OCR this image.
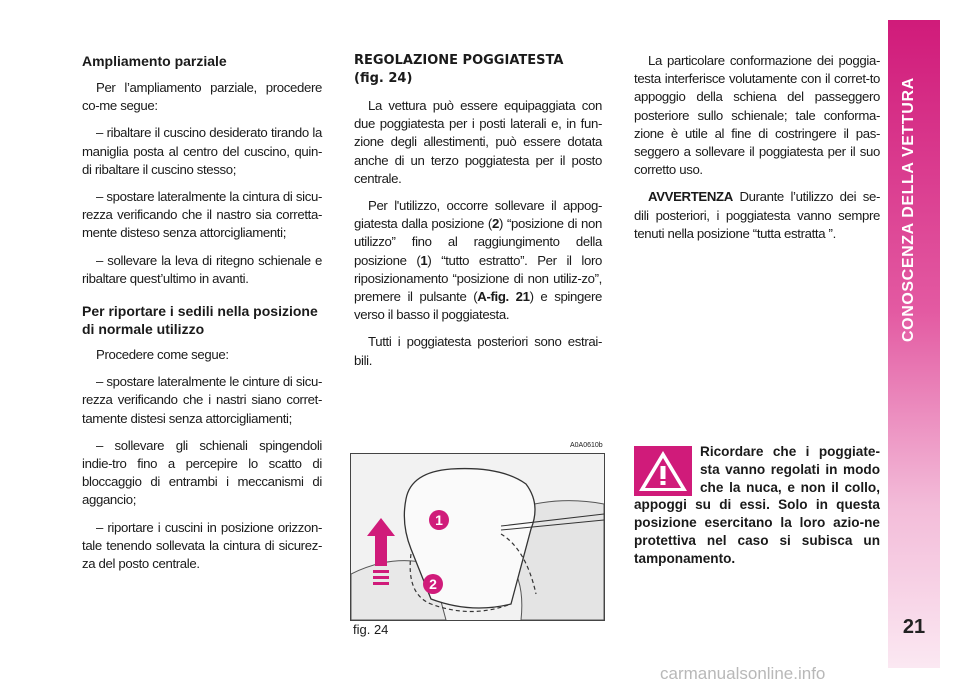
Ampliamento parziale

Per l’ampliamento parziale, procedere co-me segue:

– ribaltare il cuscino desiderato tirando la maniglia posta al centro del cuscino, quin-di ribaltare il cuscino stesso;

– spostare lateralmente la cintura di sicu-rezza verificando che il nastro sia corretta-mente disteso senza attorcigliamenti;

– sollevare la leva di ritegno schienale e ribaltare quest’ultimo in avanti.

Per riportare i sedili nella posizione di normale utilizzo

Procedere come segue:

– spostare lateralmente le cinture di sicu-rezza verificando che i nastri siano corret-tamente distesi senza attorcigliamenti;

– sollevare gli schienali spingendoli indie-tro fino a percepire lo scatto di bloccaggio di entrambi i meccanismi di aggancio;

– riportare i cuscini in posizione orizzon-tale tenendo sollevata la cintura di sicurez-za del posto centrale.

REGOLAZIONE POGGIATESTA
(fig. 24)

La vettura può essere equipaggiata con due poggiatesta per i posti laterali e, in fun-zione degli allestimenti, può essere dotata anche di un terzo poggiatesta per il posto centrale.

Per l'utilizzo, occorre sollevare il appog-giatesta dalla posizione (2) “posizione di non utilizzo” fino al raggiungimento della posizione (1) “tutto estratto”. Per il loro riposizionamento “posizione di non utiliz-zo”, premere il pulsante (A-fig. 21) e spingere verso il basso il poggiatesta.

Tutti i poggiatesta posteriori sono estrai-bili.

La particolare conformazione dei poggia-testa interferisce volutamente con il corret-to appoggio della schiena del passeggero posteriore sullo schienale; tale conforma-zione è utile al fine di costringere il pas-seggero a sollevare il poggiatesta per il suo corretto uso.

AVVERTENZA Durante l’utilizzo dei se-dili posteriori, i poggiatesta vanno sempre tenuti nella posizione “tutta estratta ”.

A0A0610b
1
2
fig. 24
Ricordare che i poggiate-sta vanno regolati in modo che la nuca, e non il collo, appoggi su di essi. Solo in questa posizione esercitano la loro azio-ne protettiva nel caso si subisca un tamponamento.
CONOSCENZA DELLA VETTURA
21
carmanualsonline.info
